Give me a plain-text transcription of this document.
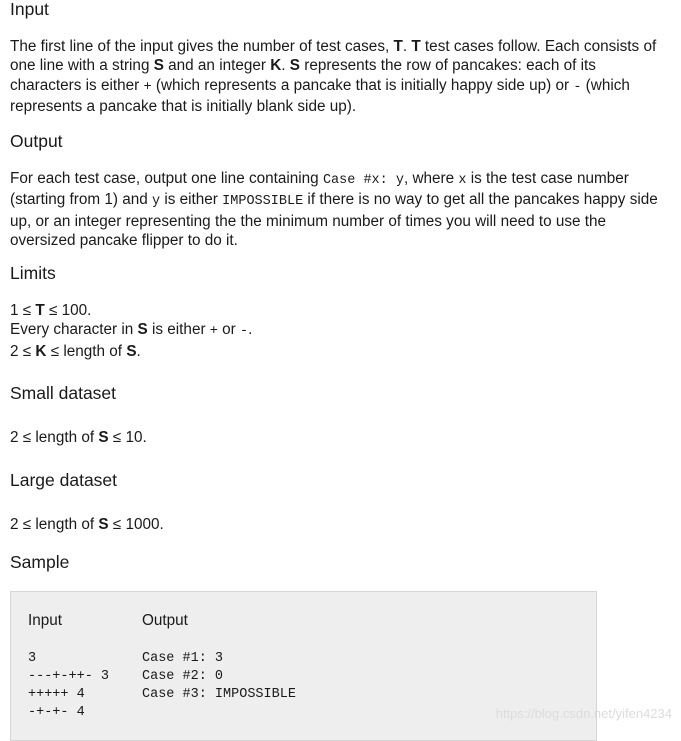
Input

The first line of the input gives the number of test cases, T. T test cases follow. Each consists of one line with a string S and an integer K. S represents the row of pancakes: each of its characters is either + (which represents a pancake that is initially happy side up) or - (which represents a pancake that is initially blank side up).

Output

For each test case, output one line containing Case #x: y, where x is the test case number (starting from 1) and y is either IMPOSSIBLE if there is no way to get all the pancakes happy side up, or an integer representing the the minimum number of times you will need to use the oversized pancake flipper to do it.

Limits

1 ≤ T ≤ 100.
Every character in S is either + or -.
2 ≤ K ≤ length of S.

Small dataset

2 ≤ length of S ≤ 10.

Large dataset

2 ≤ length of S ≤ 1000.

Sample
Input	Output
3
---+-++- 3
+++++ 4
-+-+- 4
Case #1: 3
Case #2: 0
Case #3: IMPOSSIBLE
https://blog.csdn.net/yifen4234
